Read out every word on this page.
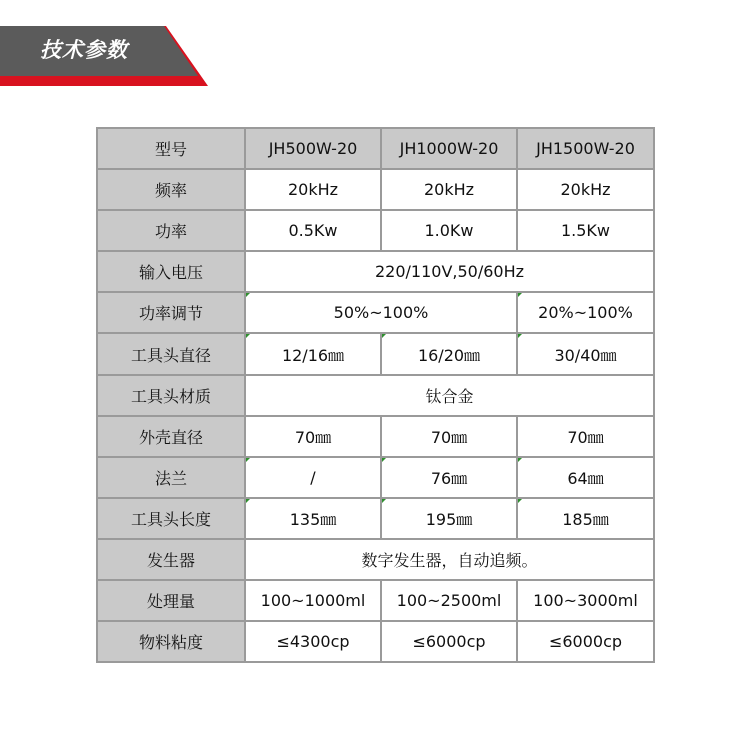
技术参数
型号	JH500W-20	JH1000W-20	JH1500W-20
频率	20kHz	20kHz	20kHz
功率	0.5Kw	1.0Kw	1.5Kw
输入电压	220/110V,50/60Hz		
功率调节	50%~100%		20%~100%
工具头直径	12/16㎜	16/20㎜	30/40㎜
工具头材质	钛合金		
外壳直径	70㎜	70㎜	70㎜
法兰	/	76㎜	64㎜
工具头长度	135㎜	195㎜	185㎜
发生器	数字发生器，自动追频。		
处理量	100~1000ml	100~2500ml	100~3000ml
物料粘度	≤4300cp	≤6000cp	≤6000cp
